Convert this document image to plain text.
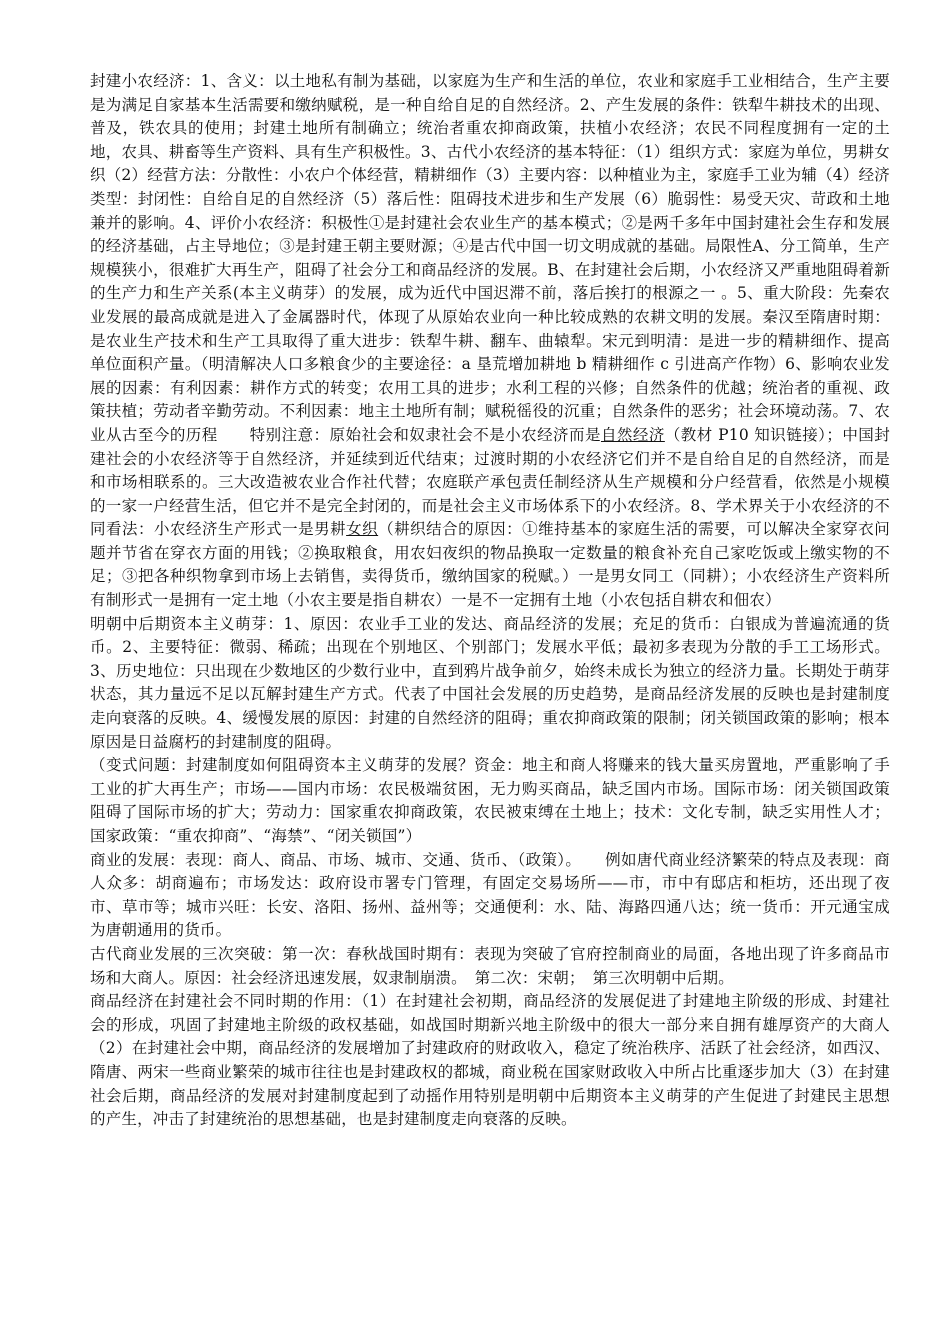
封建小农经济：1、含义：以土地私有制为基础，以家庭为生产和生活的单位，农业和家庭手工业相结合，生产主要是为满足自家基本生活需要和缴纳赋税，是一种自给自足的自然经济。2、产生发展的条件：铁犁牛耕技术的出现、普及，铁农具的使用；封建土地所有制确立；统治者重农抑商政策，扶植小农经济；农民不同程度拥有一定的土地，农具、耕畜等生产资料、具有生产积极性。3、古代小农经济的基本特征：（1）组织方式：家庭为单位，男耕女织（2）经营方法：分散性：小农户个体经营，精耕细作（3）主要内容：以种植业为主，家庭手工业为辅（4）经济类型：封闭性：自给自足的自然经济（5）落后性：阻碍技术进步和生产发展（6）脆弱性：易受天灾、苛政和土地兼并的影响。4、评价小农经济：积极性①是封建社会农业生产的基本模式；②是两千多年中国封建社会生存和发展的经济基础，占主导地位；③是封建王朝主要财源；④是古代中国一切文明成就的基础。局限性A、分工简单，生产规模狭小，很难扩大再生产，阻碍了社会分工和商品经济的发展。B、在封建社会后期，小农经济又严重地阻碍着新的生产力和生产关系(本主义萌芽）的发展，成为近代中国迟滞不前，落后挨打的根源之一 。5、重大阶段：先秦农业发展的最高成就是进入了金属器时代，体现了从原始农业向一种比较成熟的农耕文明的发展。秦汉至隋唐时期：是农业生产技术和生产工具取得了重大进步：铁犁牛耕、翻车、曲辕犁。宋元到明清：是进一步的精耕细作、提高单位面积产量。（明清解决人口多粮食少的主要途径：a 垦荒增加耕地 b 精耕细作 c 引进高产作物）6、影响农业发展的因素：有利因素：耕作方式的转变；农用工具的进步；水利工程的兴修；自然条件的优越；统治者的重视、政策扶植；劳动者辛勤劳动。不利因素：地主土地所有制；赋税徭役的沉重；自然条件的恶劣；社会环境动荡。7、农业从古至今的历程　　特别注意：原始社会和奴隶社会不是小农经济而是自然经济（教材 P10 知识链接）；中国封建社会的小农经济等于自然经济，并延续到近代结束；过渡时期的小农经济它们并不是自给自足的自然经济，而是和市场相联系的。三大改造被农业合作社代替；农庭联产承包责任制经济从生产规模和分户经营看，依然是小规模的一家一户经营生活，但它并不是完全封闭的，而是社会主义市场体系下的小农经济。8、学术界关于小农经济的不同看法：小农经济生产形式一是男耕女织（耕织结合的原因：①维持基本的家庭生活的需要，可以解决全家穿衣问题并节省在穿衣方面的用钱；②换取粮食，用农妇夜织的物品换取一定数量的粮食补充自己家吃饭或上缴实物的不足；③把各种织物拿到市场上去销售，卖得货币，缴纳国家的税赋。）一是男女同工（同耕）；小农经济生产资料所有制形式一是拥有一定土地（小农主要是指自耕农）一是不一定拥有土地（小农包括自耕农和佃农）

明朝中后期资本主义萌芽：1、原因：农业手工业的发达、商品经济的发展；充足的货币：白银成为普遍流通的货币。2、主要特征：微弱、稀疏；出现在个别地区、个别部门；发展水平低；最初多表现为分散的手工工场形式。3、历史地位：只出现在少数地区的少数行业中，直到鸦片战争前夕，始终未成长为独立的经济力量。长期处于萌芽状态，其力量远不足以瓦解封建生产方式。代表了中国社会发展的历史趋势，是商品经济发展的反映也是封建制度走向衰落的反映。4、缓慢发展的原因：封建的自然经济的阻碍；重农抑商政策的限制；闭关锁国政策的影响；根本原因是日益腐朽的封建制度的阻碍。

（变式问题：封建制度如何阻碍资本主义萌芽的发展？资金：地主和商人将赚来的钱大量买房置地，严重影响了手工业的扩大再生产；市场——国内市场：农民极端贫困，无力购买商品，缺乏国内市场。国际市场：闭关锁国政策阻碍了国际市场的扩大；劳动力：国家重农抑商政策，农民被束缚在土地上；技术：文化专制，缺乏实用性人才；国家政策：“重农抑商”、“海禁”、“闭关锁国”）

商业的发展：表现：商人、商品、市场、城市、交通、货币、（政策）。　　例如唐代商业经济繁荣的特点及表现：商人众多：胡商遍布；市场发达：政府设市署专门管理，有固定交易场所——市，市中有邸店和柜坊，还出现了夜市、草市等；城市兴旺：长安、洛阳、扬州、益州等；交通便利：水、陆、海路四通八达；统一货币：开元通宝成为唐朝通用的货币。

古代商业发展的三次突破：第一次：春秋战国时期有：表现为突破了官府控制商业的局面，各地出现了许多商品市场和大商人。原因：社会经济迅速发展，奴隶制崩溃。　第二次：宋朝；　第三次明朝中后期。

商品经济在封建社会不同时期的作用：（1）在封建社会初期，商品经济的发展促进了封建地主阶级的形成、封建社会的形成，巩固了封建地主阶级的政权基础，如战国时期新兴地主阶级中的很大一部分来自拥有雄厚资产的大商人（2）在封建社会中期，商品经济的发展增加了封建政府的财政收入，稳定了统治秩序、活跃了社会经济，如西汉、隋唐、两宋一些商业繁荣的城市往往也是封建政权的都城，商业税在国家财政收入中所占比重逐步加大（3）在封建社会后期，商品经济的发展对封建制度起到了动摇作用特别是明朝中后期资本主义萌芽的产生促进了封建民主思想的产生，冲击了封建统治的思想基础，也是封建制度走向衰落的反映。
